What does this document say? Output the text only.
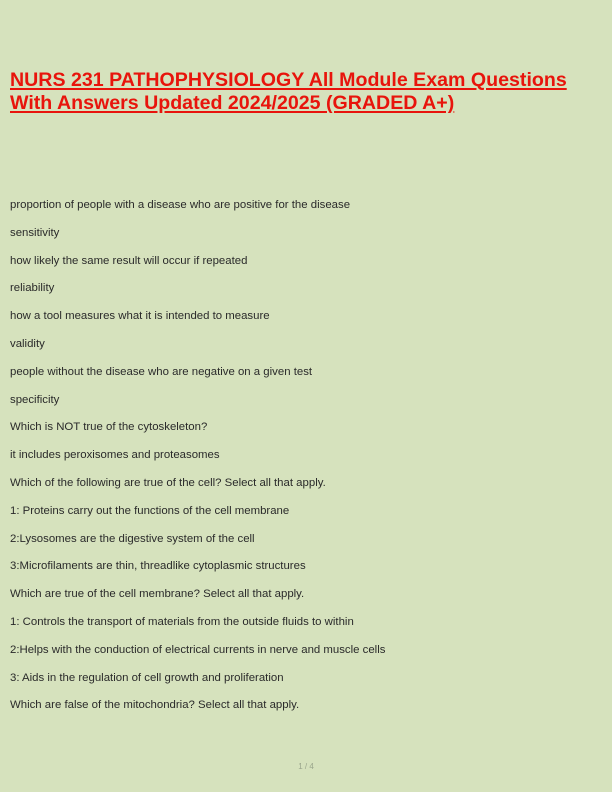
NURS 231 PATHOPHYSIOLOGY All Module Exam Questions With Answers Updated 2024/2025 (GRADED A+)
proportion of people with a disease who are positive for the disease
sensitivity
how likely the same result will occur if repeated
reliability
how a tool measures what it is intended to measure
validity
people without the disease who are negative on a given test
specificity
Which is NOT true of the cytoskeleton?
it includes peroxisomes and proteasomes
Which of the following are true of the cell? Select all that apply.
1: Proteins carry out the functions of the cell membrane
2:Lysosomes are the digestive system of the cell
3:Microfilaments are thin, threadlike cytoplasmic structures
Which are true of the cell membrane? Select all that apply.
1: Controls the transport of materials from the outside fluids to within
2:Helps with the conduction of electrical currents in nerve and muscle cells
3: Aids in the regulation of cell growth and proliferation
Which are false of the mitochondria? Select all that apply.
1 / 4
